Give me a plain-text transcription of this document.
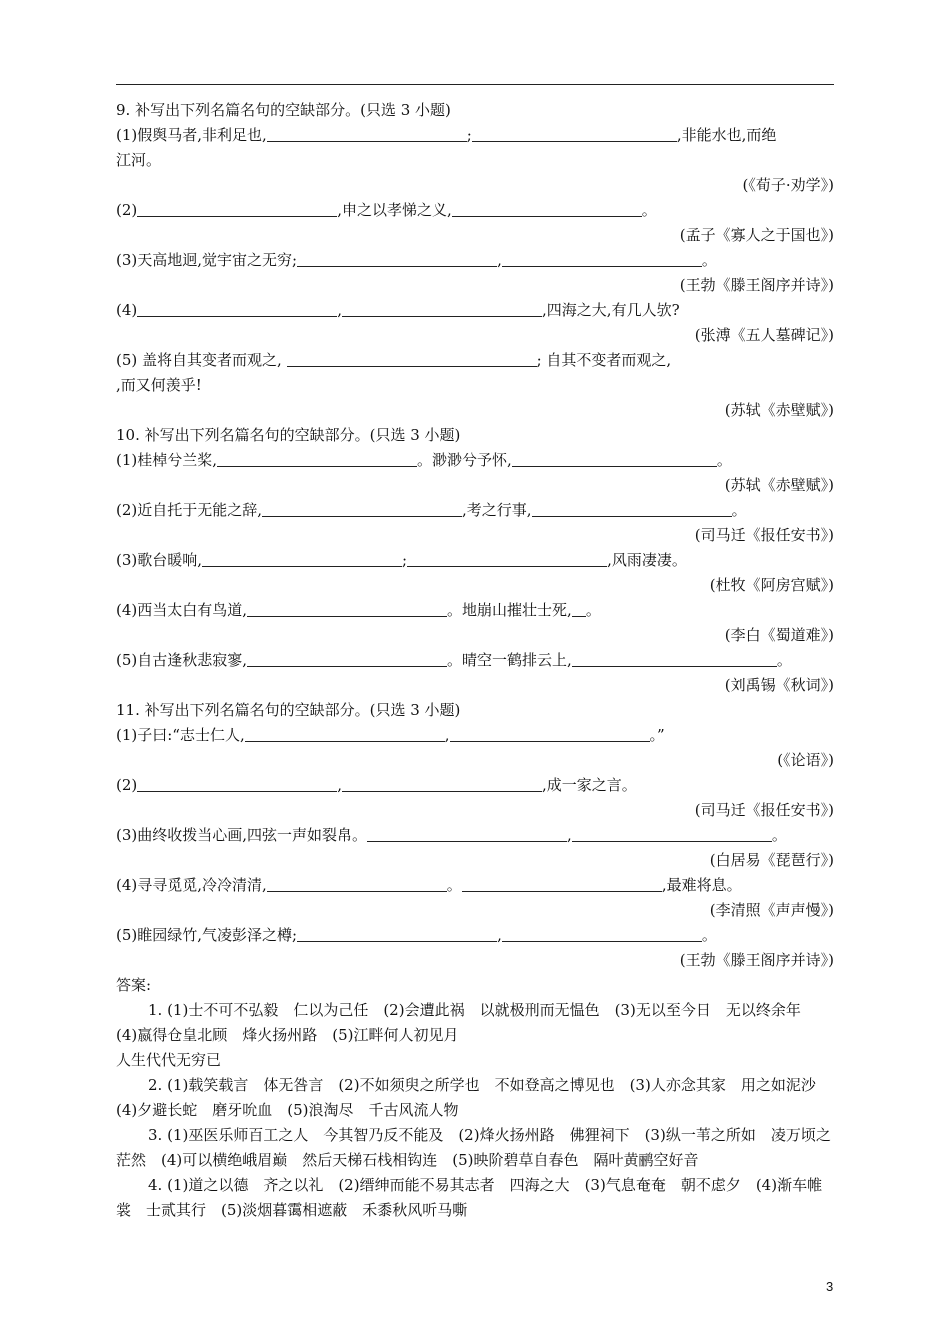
9. 补写出下列名篇名句的空缺部分。(只选 3 小题)
(1)假舆马者,非利足也,	;	,非能水也,而绝
江河。
(《荀子·劝学》)
(2)	,申之以孝悌之义,	。
(孟子《寡人之于国也》)
(3)天高地迥,觉宇宙之无穷;	,	。
(王勃《滕王阁序并诗》)
(4)	,	,四海之大,有几人欤?
(张溥《五人墓碑记》)
(5) 盖将自其变者而观之,	; 自其不变者而观之,
,而又何羡乎!
(苏轼《赤壁赋》)
10. 补写出下列名篇名句的空缺部分。(只选 3 小题)
(1)桂棹兮兰桨,	。渺渺兮予怀,	。
(苏轼《赤壁赋》)
(2)近自托于无能之辞,	,考之行事,	。
(司马迁《报任安书》)
(3)歌台暖响,	;	,风雨凄凄。
(杜牧《阿房宫赋》)
(4)西当太白有鸟道,	。地崩山摧壮士死, 。
(李白《蜀道难》)
(5)自古逢秋悲寂寥,	。晴空一鹤排云上,	。
(刘禹锡《秋词》)
11. 补写出下列名篇名句的空缺部分。(只选 3 小题)
(1)子曰:“志士仁人,	,	。”
(《论语》)
(2)	,	,成一家之言。
(司马迁《报任安书》)
(3)曲终收拨当心画,四弦一声如裂帛。	,	。
(白居易《琵琶行》)
(4)寻寻觅觅,冷冷清清,	。	,最难将息。
(李清照《声声慢》)
(5)睢园绿竹,气凌彭泽之樽;	,	。
(王勃《滕王阁序并诗》)

答案:

1. (1)士不可不弘毅　仁以为己任　(2)会遭此祸　以就极刑而无愠色　(3)无以至今日　无以终余年　(4)嬴得仓皇北顾　烽火扬州路　(5)江畔何人初见月

人生代代无穷已

2. (1)载笑载言　体无咎言　(2)不如须臾之所学也　不如登高之博见也　(3)人亦念其家　用之如泥沙　(4)夕避长蛇　磨牙吮血　(5)浪淘尽　千古风流人物

3. (1)巫医乐师百工之人　今其智乃反不能及　(2)烽火扬州路　佛狸祠下　(3)纵一苇之所如　凌万顷之茫然　(4)可以横绝峨眉巅　然后天梯石栈相钩连　(5)映阶碧草自春色　隔叶黄鹂空好音

4. (1)道之以德　齐之以礼　(2)缙绅而能不易其志者　四海之大　(3)气息奄奄　朝不虑夕　(4)渐车帷裳　士贰其行　(5)淡烟暮霭相遮蔽　禾黍秋风听马嘶

3
